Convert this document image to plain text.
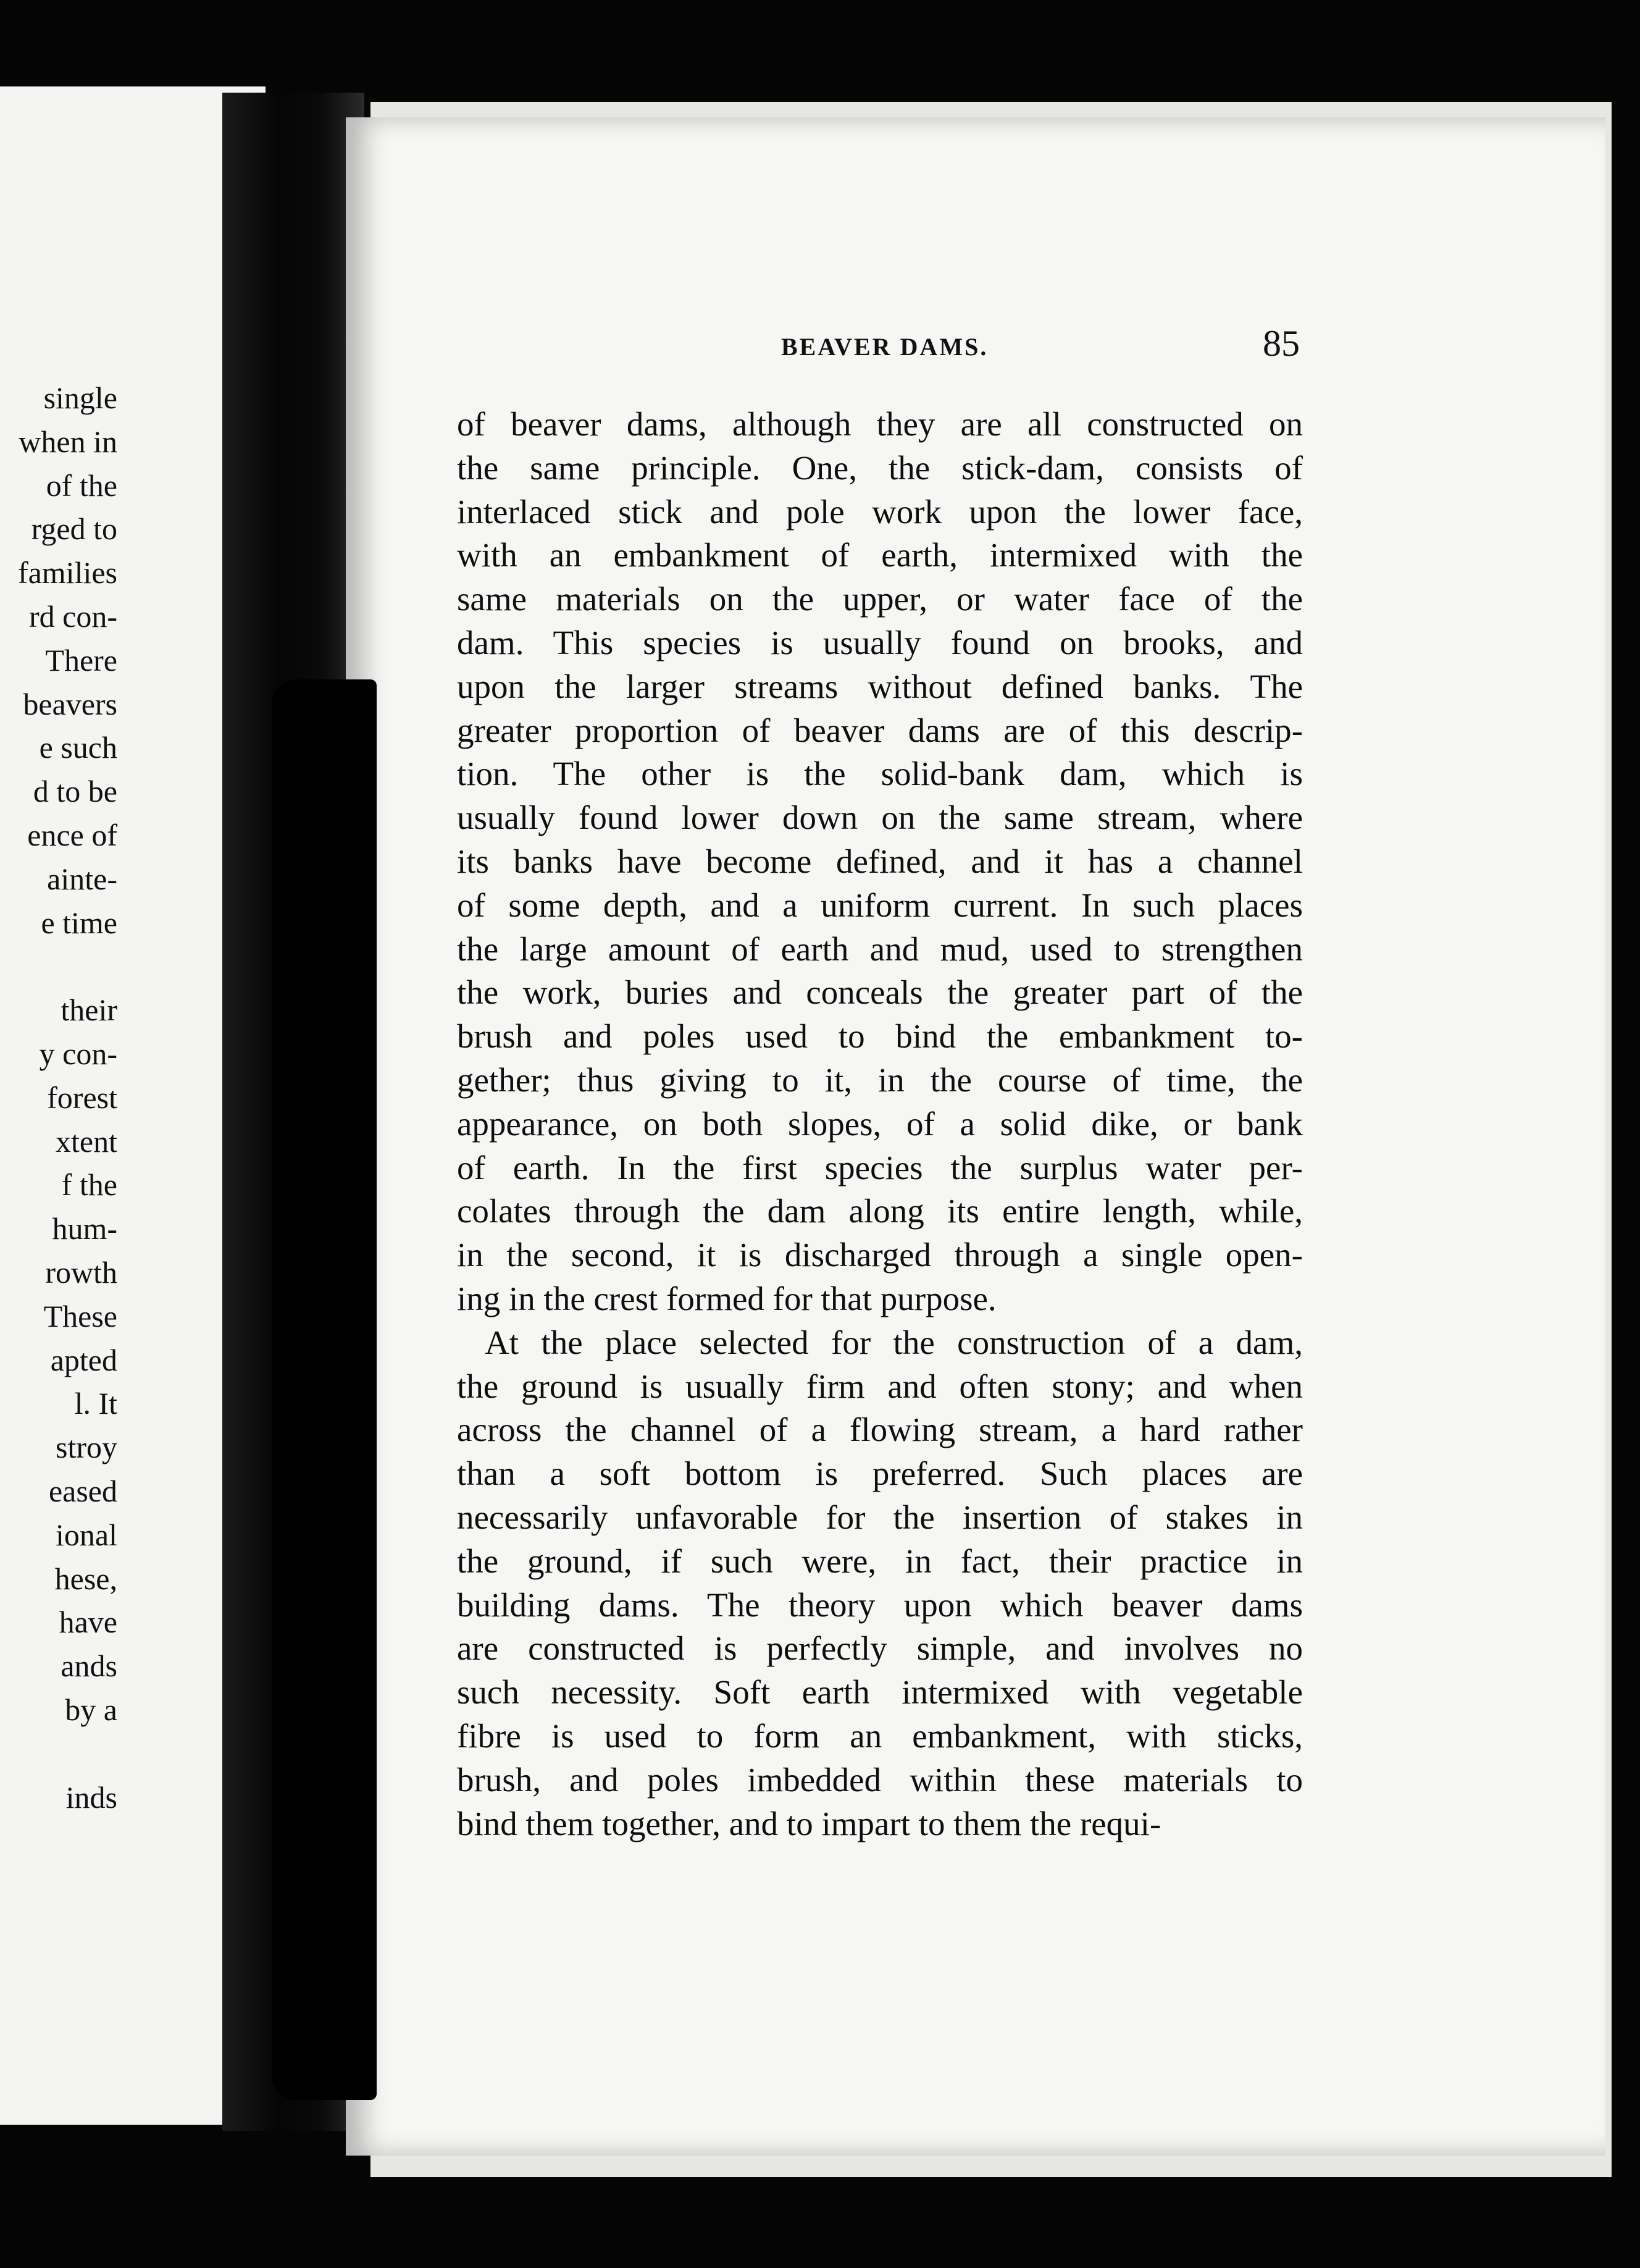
single
when in
of the
rged to
families
rd con-
There
beavers
e such
d to be
ence of
ainte-
e time
their
y con-
forest
xtent
f the
hum-
rowth
These
apted
l. It
stroy
eased
ional
hese,
have
ands
by a
inds
BEAVER DAMS.	85
of beaver dams, although they are all constructed on
the same principle. One, the stick-dam, consists of
interlaced stick and pole work upon the lower face,
with an embankment of earth, intermixed with the
same materials on the upper, or water face of the
dam. This species is usually found on brooks, and
upon the larger streams without defined banks. The
greater proportion of beaver dams are of this descrip-
tion. The other is the solid-bank dam, which is
usually found lower down on the same stream, where
its banks have become defined, and it has a channel
of some depth, and a uniform current. In such places
the large amount of earth and mud, used to strengthen
the work, buries and conceals the greater part of the
brush and poles used to bind the embankment to-
gether; thus giving to it, in the course of time, the
appearance, on both slopes, of a solid dike, or bank
of earth. In the first species the surplus water per-
colates through the dam along its entire length, while,
in the second, it is discharged through a single open-
ing in the crest formed for that purpose.
At the place selected for the construction of a dam,
the ground is usually firm and often stony; and when
across the channel of a flowing stream, a hard rather
than a soft bottom is preferred. Such places are
necessarily unfavorable for the insertion of stakes in
the ground, if such were, in fact, their practice in
building dams. The theory upon which beaver dams
are constructed is perfectly simple, and involves no
such necessity. Soft earth intermixed with vegetable
fibre is used to form an embankment, with sticks,
brush, and poles imbedded within these materials to
bind them together, and to impart to them the requi-
